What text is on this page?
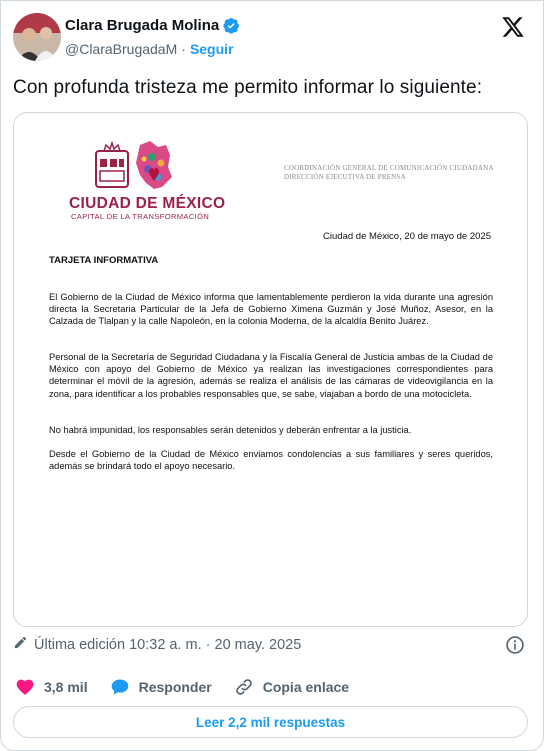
Clara Brugada Molina
@ClaraBrugadaM · Seguir
Con profunda tristeza me permito informar lo siguiente:
CIUDAD DE MÉXICO
CAPITAL DE LA TRANSFORMACIÓN
COORDINACIÓN GENERAL DE COMUNICACIÓN CIUDADANA
DIRECCIÓN EJECUTIVA DE PRENSA
Ciudad de México, 20 de mayo de 2025
TARJETA INFORMATIVA
El Gobierno de la Ciudad de México informa que lamentablemente perdieron la vida durante una agresión directa la Secretaria Particular de la Jefa de Gobierno Ximena Guzmán y José Muñoz, Asesor, en la Calzada de Tlalpan y la calle Napoleón, en la colonia Moderna, de la alcaldía Benito Juárez.
Personal de la Secretaría de Seguridad Ciudadana y la Fiscalía General de Justicia ambas de la Ciudad de México con apoyo del Gobierno de México ya realizan las investigaciones correspondientes para determinar el móvil de la agresión, además se realiza el análisis de las cámaras de videovigilancia en la zona, para identificar a los probables responsables que, se sabe, viajaban a bordo de una motocicleta.
No habrá impunidad, los responsables serán detenidos y deberán enfrentar a la justicia.
Desde el Gobierno de la Ciudad de México enviamos condolencias a sus familiares y seres queridos, además se brindará todo el apoyo necesario.
Última edición 10:32 a. m. · 20 may. 2025
3,8 mil	Responder	Copia enlace
Leer 2,2 mil respuestas
